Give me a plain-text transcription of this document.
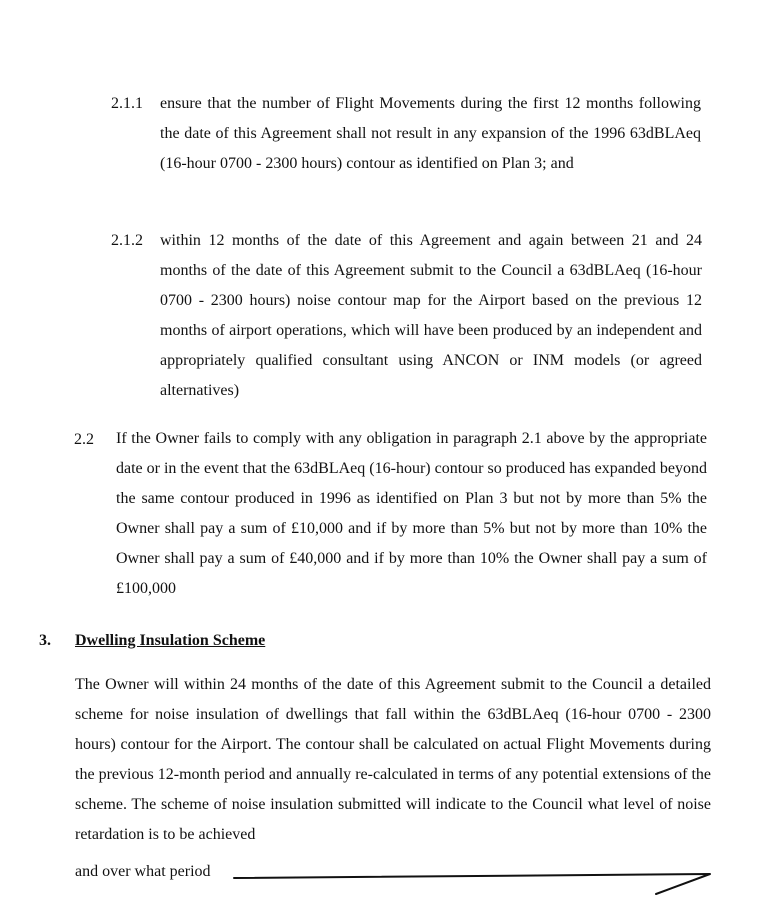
2.1.1 ensure that the number of Flight Movements during the first 12 months following the date of this Agreement shall not result in any expansion of the 1996 63dBLAeq (16-hour 0700 - 2300 hours) contour as identified on Plan 3; and
2.1.2 within 12 months of the date of this Agreement and again between 21 and 24 months of the date of this Agreement submit to the Council a 63dBLAeq (16-hour 0700 - 2300 hours) noise contour map for the Airport based on the previous 12 months of airport operations, which will have been produced by an independent and appropriately qualified consultant using ANCON or INM models (or agreed alternatives)
2.2 If the Owner fails to comply with any obligation in paragraph 2.1 above by the appropriate date or in the event that the 63dBLAeq (16-hour) contour so produced has expanded beyond the same contour produced in 1996 as identified on Plan 3 but not by more than 5% the Owner shall pay a sum of £10,000 and if by more than 5% but not by more than 10% the Owner shall pay a sum of £40,000 and if by more than 10% the Owner shall pay a sum of £100,000
3. Dwelling Insulation Scheme
The Owner will within 24 months of the date of this Agreement submit to the Council a detailed scheme for noise insulation of dwellings that fall within the 63dBLAeq (16-hour 0700 - 2300 hours) contour for the Airport. The contour shall be calculated on actual Flight Movements during the previous 12-month period and annually re-calculated in terms of any potential extensions of the scheme. The scheme of noise insulation submitted will indicate to the Council what level of noise retardation is to be achieved
and over what period
